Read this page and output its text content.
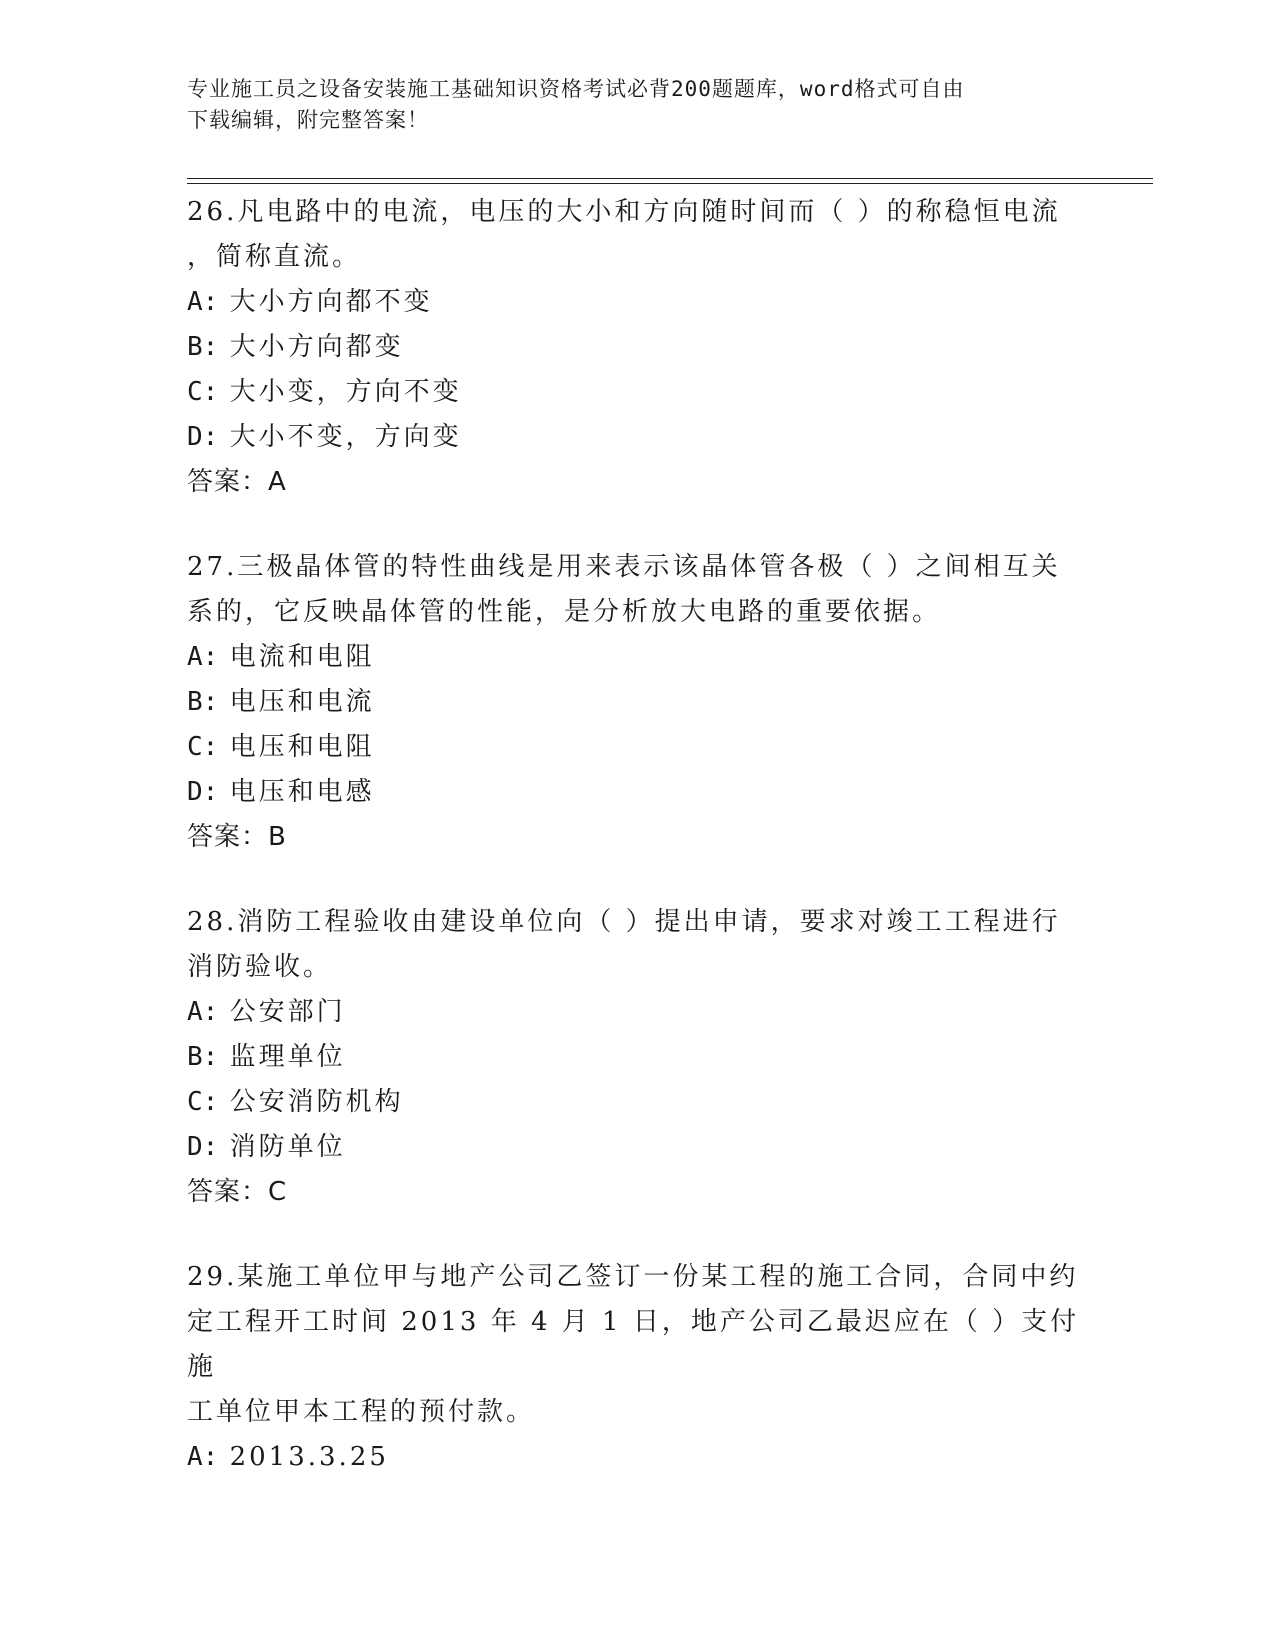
专业施工员之设备安装施工基础知识资格考试必背200题题库，word格式可自由
下载编辑，附完整答案！

26.凡电路中的电流，电压的大小和方向随时间而（ ）的称稳恒电流

，简称直流。

A: 大小方向都不变

B: 大小方向都变

C: 大小变，方向不变

D: 大小不变，方向变

答案：A

27.三极晶体管的特性曲线是用来表示该晶体管各极（ ）之间相互关

系的，它反映晶体管的性能，是分析放大电路的重要依据。

A: 电流和电阻

B: 电压和电流

C: 电压和电阻

D: 电压和电感

答案：B

28.消防工程验收由建设单位向（ ）提出申请，要求对竣工工程进行

消防验收。

A: 公安部门

B: 监理单位

C: 公安消防机构

D: 消防单位

答案：C

29.某施工单位甲与地产公司乙签订一份某工程的施工合同，合同中约

定工程开工时间 2013 年 4 月 1 日，地产公司乙最迟应在（ ）支付施

工单位甲本工程的预付款。

A: 2013.3.25
